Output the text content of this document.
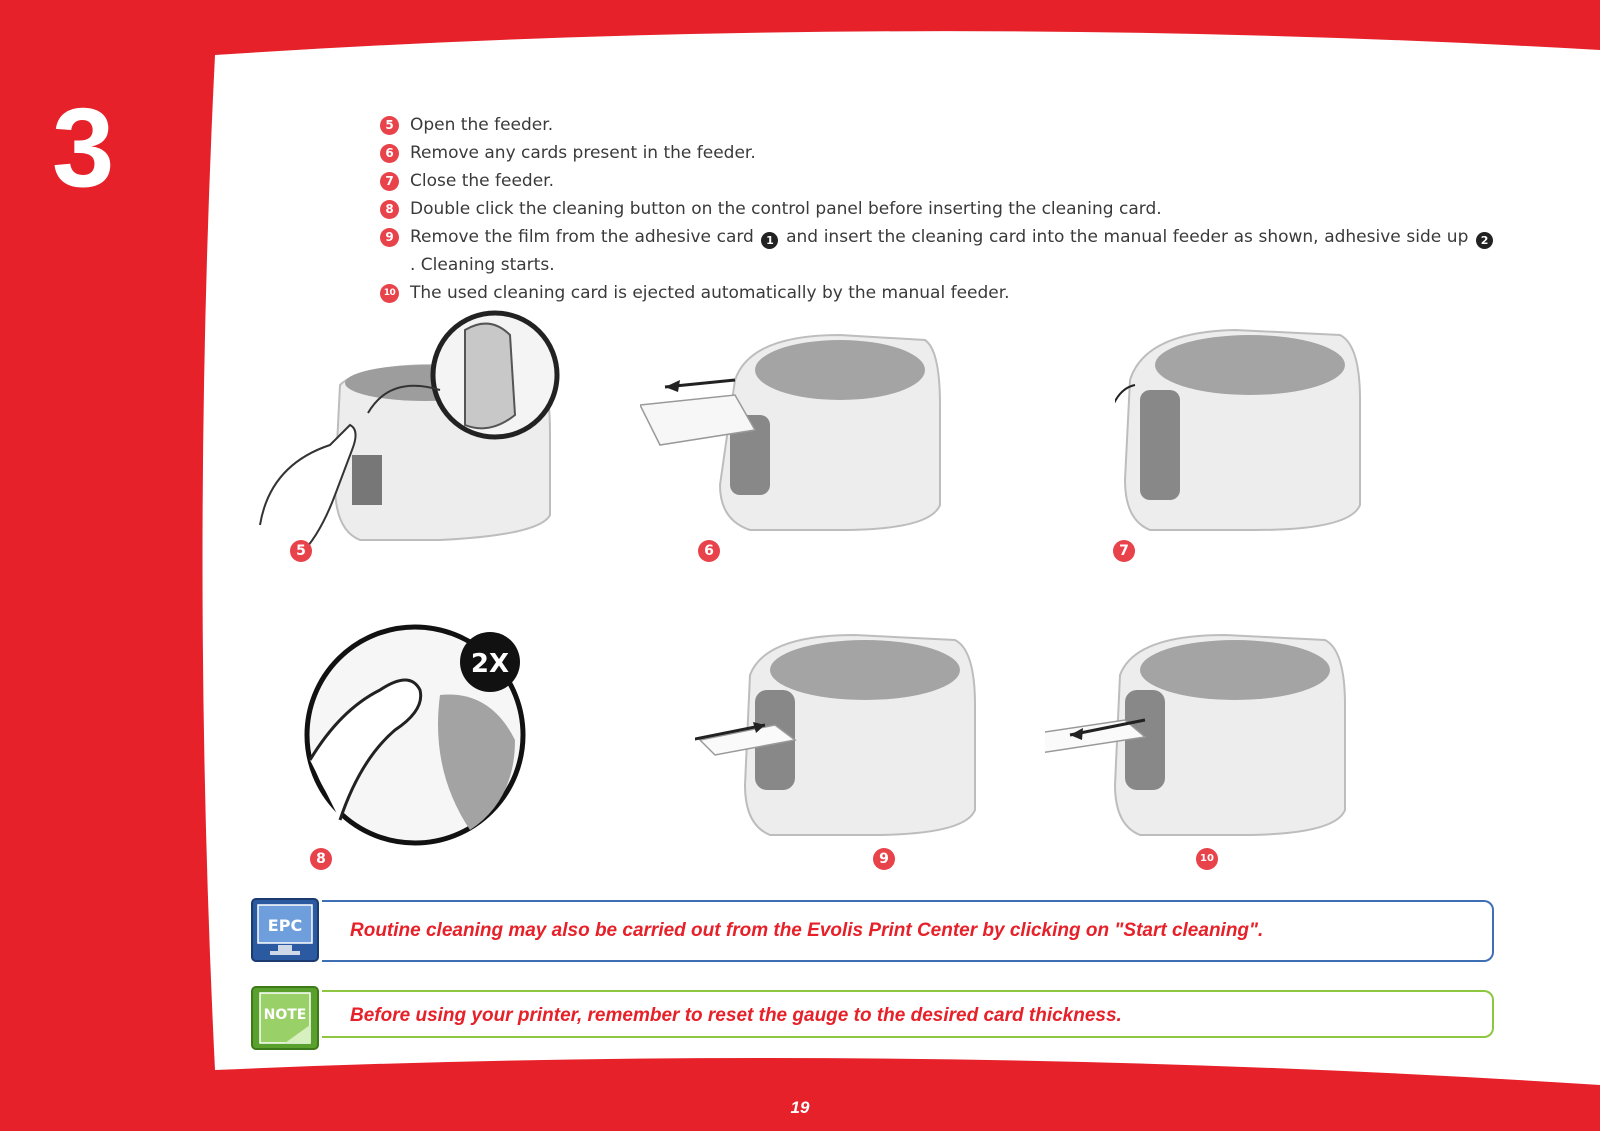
3	5 Open the feeder.
6 Remove any cards present in the feeder.
7 Close the feeder.
8 Double click the cleaning button on the control panel before inserting the cleaning card.
9 Remove the film from the adhesive card 1 and insert the cleaning card into the manual feeder as shown, adhesive side up 2. Cleaning starts.
10 The used cleaning card is ejected automatically by the manual feeder.
2X
5	6	7
8	9	10
EPC	Routine cleaning may also be carried out from the Evolis Print Center by clicking on "Start cleaning".
NOTE Before using your printer, remember to reset the gauge to the desired card thickness.
19
